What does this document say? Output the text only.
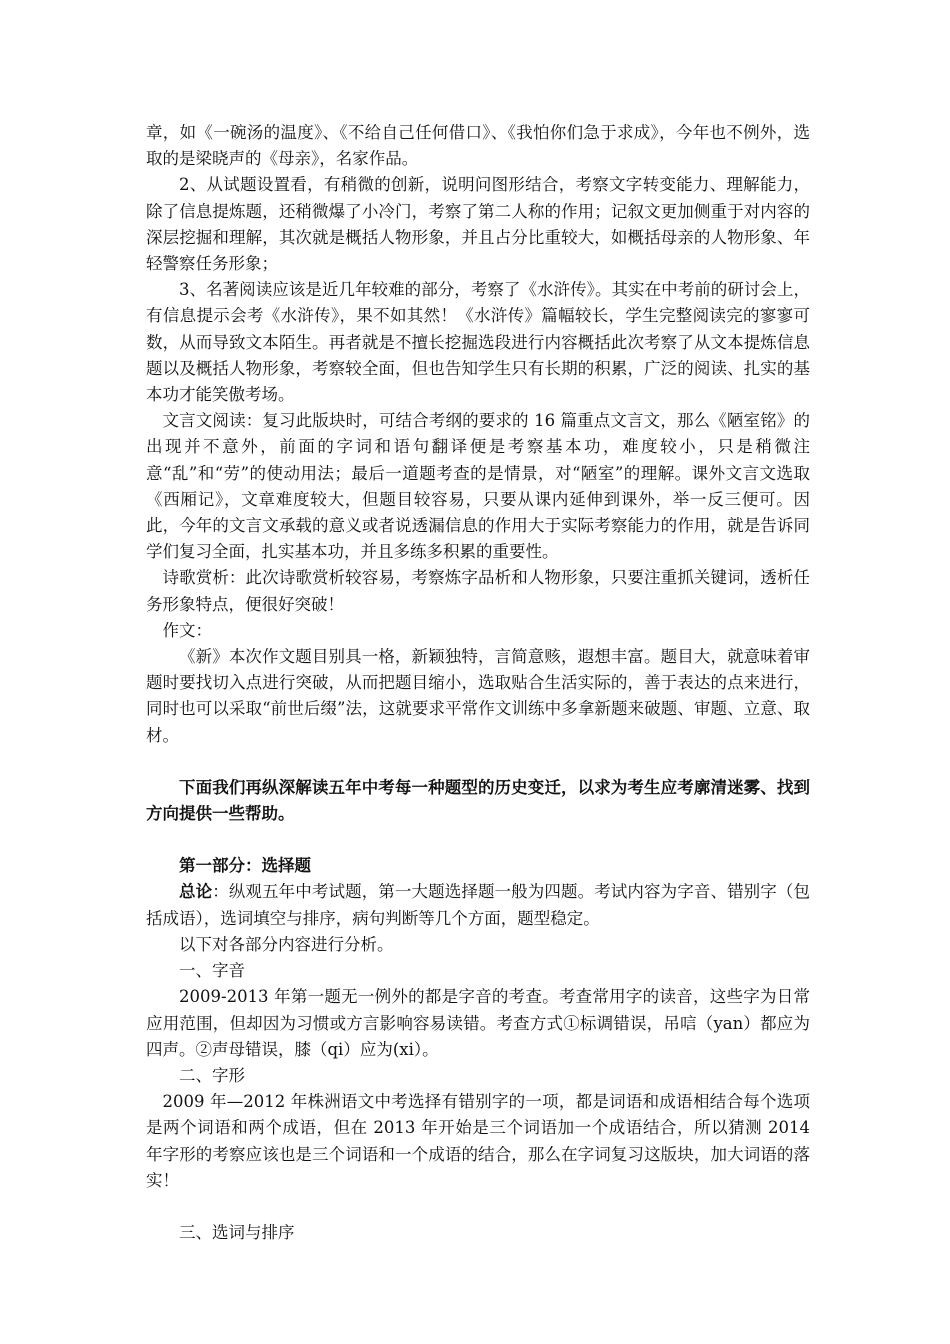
章，如《一碗汤的温度》、《不给自己任何借口》、《我怕你们急于求成》，今年也不例外，选取的是梁晓声的《母亲》，名家作品。

2、从试题设置看，有稍微的创新，说明问图形结合，考察文字转变能力、理解能力，除了信息提炼题，还稍微爆了小冷门，考察了第二人称的作用；记叙文更加侧重于对内容的深层挖掘和理解，其次就是概括人物形象，并且占分比重较大，如概括母亲的人物形象、年轻警察任务形象；

3、名著阅读应该是近几年较难的部分，考察了《水浒传》。其实在中考前的研讨会上，有信息提示会考《水浒传》，果不如其然！《水浒传》篇幅较长，学生完整阅读完的寥寥可数，从而导致文本陌生。再者就是不擅长挖掘选段进行内容概括此次考察了从文本提炼信息题以及概括人物形象，考察较全面，但也告知学生只有长期的积累，广泛的阅读、扎实的基本功才能笑傲考场。

文言文阅读：复习此版块时，可结合考纲的要求的 16 篇重点文言文，那么《陋室铭》的出现并不意外，前面的字词和语句翻译便是考察基本功，难度较小，只是稍微注意“乱”和“劳”的使动用法；最后一道题考查的是情景，对“陋室”的理解。课外文言文选取《西厢记》，文章难度较大，但题目较容易，只要从课内延伸到课外，举一反三便可。因此，今年的文言文承载的意义或者说透漏信息的作用大于实际考察能力的作用，就是告诉同学们复习全面，扎实基本功，并且多练多积累的重要性。

诗歌赏析：此次诗歌赏析较容易，考察炼字品析和人物形象，只要注重抓关键词，透析任务形象特点，便很好突破！

作文：

《新》本次作文题目别具一格，新颖独特，言简意赅，遐想丰富。题目大，就意味着审题时要找切入点进行突破，从而把题目缩小，选取贴合生活实际的，善于表达的点来进行，同时也可以采取“前世后缀”法，这就要求平常作文训练中多拿新题来破题、审题、立意、取材。

下面我们再纵深解读五年中考每一种题型的历史变迁，以求为考生应考廓清迷雾、找到方向提供一些帮助。

第一部分：选择题

总论：纵观五年中考试题，第一大题选择题一般为四题。考试内容为字音、错别字（包括成语），选词填空与排序，病句判断等几个方面，题型稳定。

以下对各部分内容进行分析。

一、字音

2009-2013 年第一题无一例外的都是字音的考查。考查常用字的读音，这些字为日常应用范围，但却因为习惯或方言影响容易读错。考查方式①标调错误，吊唁（yan）都应为四声。②声母错误，膝（qi）应为(xi）。

二、字形

2009 年—2012 年株洲语文中考选择有错别字的一项，都是词语和成语相结合每个选项是两个词语和两个成语，但在 2013 年开始是三个词语加一个成语结合，所以猜测 2014 年字形的考察应该也是三个词语和一个成语的结合，那么在字词复习这版块，加大词语的落实！

三、选词与排序
